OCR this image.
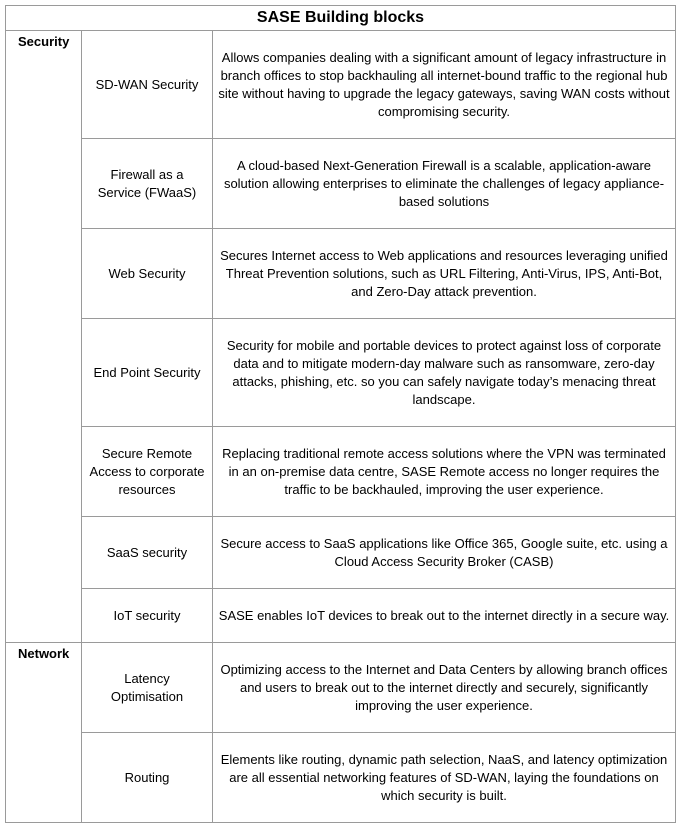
SASE Building blocks		
Security	SD-WAN Security	Allows companies dealing with a significant amount of legacy infrastructure in branch offices to stop backhauling all internet-bound traffic to the regional hub site without having to upgrade the legacy gateways, saving WAN costs without compromising security.
	Firewall as a Service (FWaaS)	A cloud-based Next-Generation Firewall is a scalable, application-aware solution allowing enterprises to eliminate the challenges of legacy appliance-based solutions
	Web Security	Secures Internet access to Web applications and resources leveraging unified Threat Prevention solutions, such as URL Filtering, Anti-Virus, IPS, Anti-Bot, and Zero-Day attack prevention.
	End Point Security	Security for mobile and portable devices to protect against loss of corporate data and to mitigate modern-day malware such as ransomware, zero-day attacks, phishing, etc. so you can safely navigate today’s menacing threat landscape.
	Secure Remote Access to corporate resources	Replacing traditional remote access solutions where the VPN was terminated in an on-premise data centre, SASE Remote access no longer requires the traffic to be backhauled, improving the user experience.
	SaaS security	Secure access to SaaS applications like Office 365, Google suite, etc. using a Cloud Access Security Broker (CASB)
	IoT security	SASE enables IoT devices to break out to the internet directly in a secure way.
Network	Latency Optimisation	Optimizing access to the Internet and Data Centers by allowing branch offices and users to break out to the internet directly and securely, significantly improving the user experience.
	Routing	Elements like routing, dynamic path selection, NaaS, and latency optimization are all essential networking features of SD-WAN, laying the foundations on which security is built.
